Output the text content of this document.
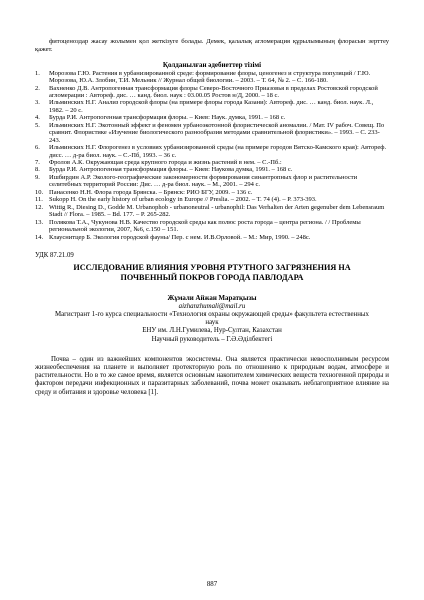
фитоценоздар жасау жолымен қол жеткізуге болады. Демек, қалалық агломерация құрылымының флорасын зерттеу қажет.

Қолданылған әдебиеттер тізімі

1. Морозова Г.Ю. Растения в урбанизированной среде: формирование флоры, ценогенез и структура популяций / Г.Ю. Морозова, Ю.А. Злобин, Т.И. Мельник // Журнал общей биологии. – 2003. – Т. 64, № 2. – С. 166-180.
2. Вахненко Д.В. Антропогенная трансформация флоры Северо-Восточного Приазовья в пределах Ростовской городской агломерации : Автореф. дис. … канд. биол. наук : 03.00.05 Ростов н/Д, 2000. – 18 с.
3. Ильминских Н.Г. Анализ городской флоры (на примере флоры города Казани): Автореф. дис. … канд. биол. наук. Л., 1982. – 20 с.
4. Бурда Р.И. Антропогенная трансформация флоры. – Киев: Наук. думка, 1991. – 168 с.
5. Ильминских Н.Г. Экотонный эффект и феномен урбаноэкотонной флористической аномалии. / Мат. IV рабоч. Совещ. По сравнит. Флористике «Изучение биологического разнообразия методами сравнительной флористики». – 1993. – С. 233-243.
6. Ильминских Н.Г. Флорогенез в условиях урбанизированной среды (на примере городов Вятско-Камского края): Автореф. дисс. … д-ра биол. наук. – С.-Пб, 1993. – 36 с.
7. Фролов А.К. Окружающая среда крупного города и жизнь растений в нем. – С.-Пб.:
8. Бурда Р.И. Антропогенная трансформация флоры. – Киев: Наукова думка, 1991. – 168 с.
9. Ишбирдин А.Р. Эколого-географические закономерности формирования синантропных флор и растительности селитебных территорий России: Дис. … д-ра биол. наук. – М., 2001. – 294 с.
10. Панасенко Н.Н. Флора города Брянска. – Брянск: РИО БГУ, 2009. – 136 с.
11. Sukopp H. On the early history of urban ecology in Europe // Preslia. – 2002. – T. 74 (4). – P. 373-393.
12. Wittig R., Diesing D., Godde M. Urbanophob - urbanoneutral - urbanophil: Das Verhalten der Arten gegenuber dem Lebensraum Stadt // Flora. – 1985. – Bd. 177. – P. 265-282.
13. Полякова Т.А., Чукунова Н.В. Качество городской среды как полюс роста города – центра региона. / / Проблемы региональной экологии, 2007, №6, с.150 – 151.
14. Клауснитцер Б. Экология городской фауны/ Пер. с нем. И.В.Орловой. – М.: Мир, 1990. – 248с.

УДК 87.21.09

ИССЛЕДОВАНИЕ ВЛИЯНИЯ УРОВНЯ РТУТНОГО ЗАГРЯЗНЕНИЯ НА
ПОЧВЕННЫЙ ПОКРОВ ГОРОДА ПАВЛОДАРА

Жұмали Айжан Маратқызы

aizhanzhumali@mail.ru

Магистрант 1-го курса специальности «Технология охраны окружающей среды» факультета естественных наук

ЕНУ им. Л.Н.Гумилева, Нур-Султан, Казахстан

Научный руководитель – Г.Ә.Әділбектегі

Почва – один из важнейших компонентов экосистемы. Она является практически невосполнимым ресурсом жизнеобеспечения на планете и выполняет протекторную роль по отношению к природным водам, атмосфере и растительности. Но в то же самое время, является основным накопителем химических веществ техногенной природы и фактором передачи инфекционных и паразитарных заболеваний, почва может оказывать неблагоприятное влияние на среду и обитания и здоровье человека [1].

887
